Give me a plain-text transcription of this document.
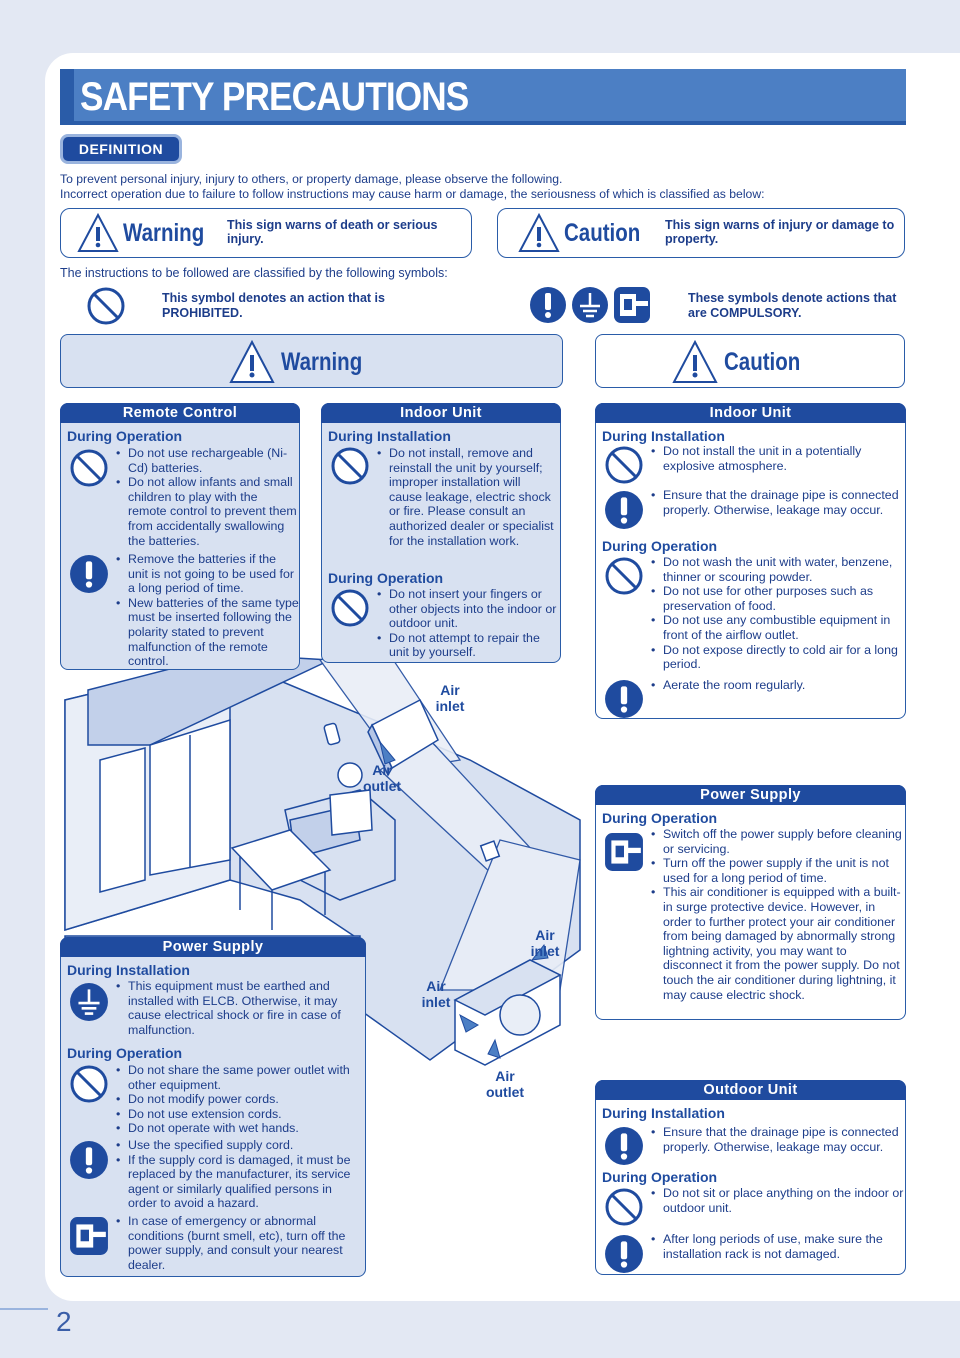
SAFETY PRECAUTIONS
DEFINITION
To prevent personal injury, injury to others, or property damage, please observe the following.
Incorrect operation due to failure to follow instructions may cause harm or damage, the seriousness of which is classified as below:
Warning This sign warns of death or serious injury.	Caution This sign warns of injury or damage to property.
The instructions to be followed are classified by the following symbols:
This symbol denotes an action that is PROHIBITED.
These symbols denote actions that are COMPULSORY.
Warning	Caution
Remote Control
During Operation
• Do not use rechargeable (Ni-Cd) batteries.
• Do not allow infants and small children to play with the remote control to prevent them from accidentally swallowing the batteries.
• Remove the batteries if the unit is not going to be used for a long period of time.
• New batteries of the same type must be inserted following the polarity stated to prevent malfunction of the remote control.
Indoor Unit
During Installation
• Do not install, remove and reinstall the unit by yourself; improper installation will cause leakage, electric shock or fire. Please consult an authorized dealer or specialist for the installation work.
During Operation
• Do not insert your fingers or other objects into the indoor or outdoor unit.
• Do not attempt to repair the unit by yourself.
Indoor Unit
During Installation
• Do not install the unit in a potentially explosive atmosphere.
• Ensure that the drainage pipe is connected properly. Otherwise, leakage may occur.
During Operation
• Do not wash the unit with water, benzene, thinner or scouring powder.
• Do not use for other purposes such as preservation of food.
• Do not use any combustible equipment in front of the airflow outlet.
• Do not expose directly to cold air for a long period.
• Aerate the room regularly.
Power Supply
During Operation
• Switch off the power supply before cleaning or servicing.
• Turn off the power supply if the unit is not used for a long period of time.
• This air conditioner is equipped with a built-in surge protective device. However, in order to further protect your air conditioner from being damaged by abnormally strong lightning activity, you may want to disconnect it from the power supply. Do not touch the air conditioner during lightning, it may cause electric shock.
Power Supply
During Installation
• This equipment must be earthed and installed with ELCB. Otherwise, it may cause electrical shock or fire in case of malfunction.
During Operation
• Do not share the same power outlet with other equipment.
• Do not modify power cords.
• Do not use extension cords.
• Do not operate with wet hands.
• Use the specified supply cord.
• If the supply cord is damaged, it must be replaced by the manufacturer, its service agent or similarly qualified persons in order to avoid a hazard.
• In case of emergency or abnormal conditions (burnt smell, etc), turn off the power supply, and consult your nearest dealer.
Outdoor Unit
During Installation
• Ensure that the drainage pipe is connected properly. Otherwise, leakage may occur.
During Operation
• Do not sit or place anything on the indoor or outdoor unit.
• After long periods of use, make sure the installation rack is not damaged.
Air inlet
Air outlet
Air inlet
Air inlet
Air outlet
2
